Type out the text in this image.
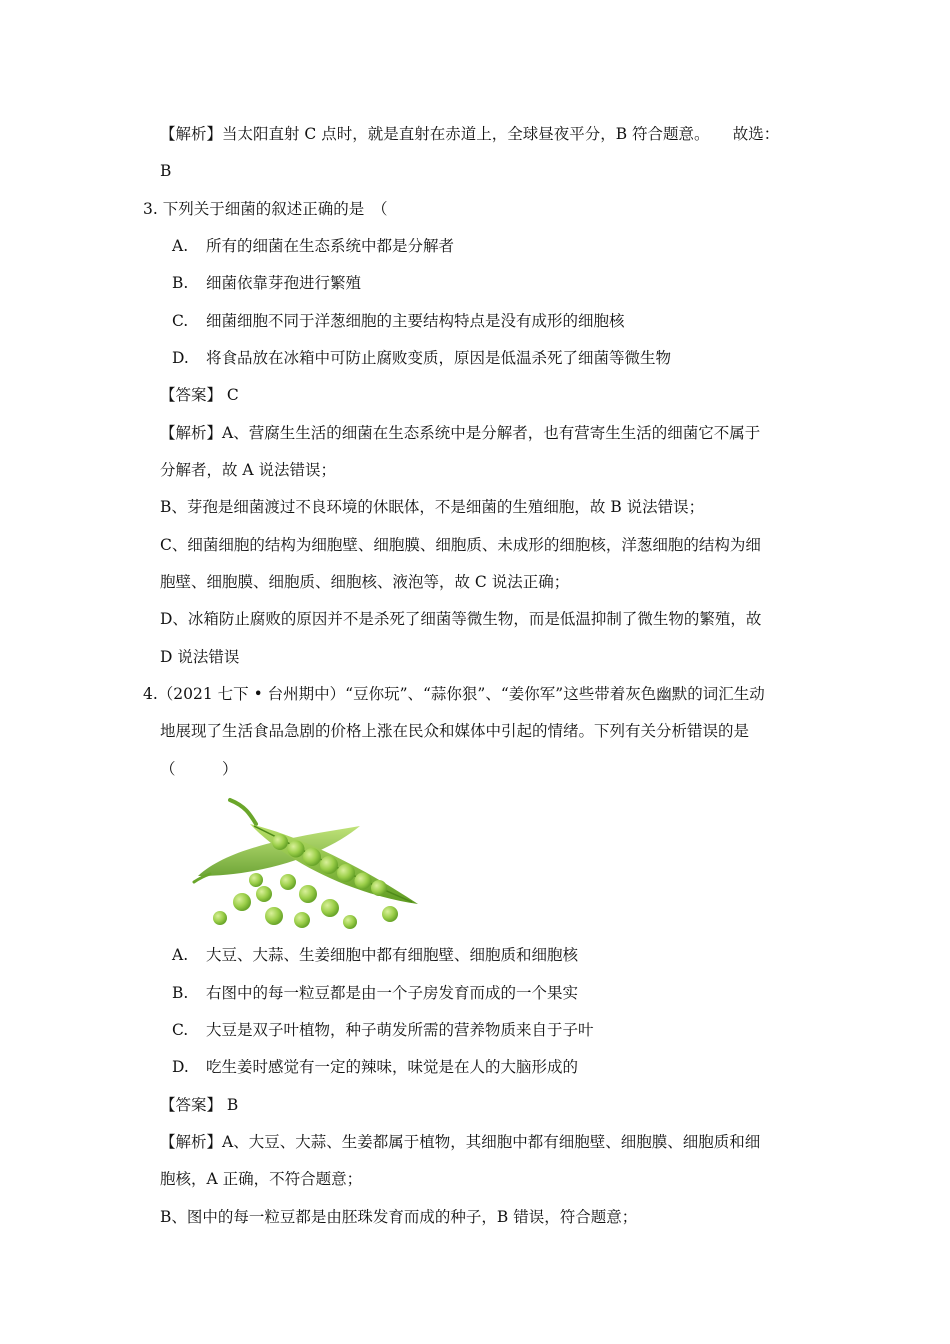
【解析】当太阳直射 C 点时，就是直射在赤道上，全球昼夜平分，B 符合题意。　　故选：
B
3. 下列关于细菌的叙述正确的是　（
A. 所有的细菌在生态系统中都是分解者
B. 细菌依靠芽孢进行繁殖
C. 细菌细胞不同于洋葱细胞的主要结构特点是没有成形的细胞核
D. 将食品放在冰箱中可防止腐败变质，原因是低温杀死了细菌等微生物
【答案】 C
【解析】A、营腐生生活的细菌在生态系统中是分解者，也有营寄生生活的细菌它不属于
分解者，故 A 说法错误；
B、芽孢是细菌渡过不良环境的休眠体，不是细菌的生殖细胞，故 B 说法错误；
C、细菌细胞的结构为细胞壁、细胞膜、细胞质、未成形的细胞核，洋葱细胞的结构为细
胞壁、细胞膜、细胞质、细胞核、液泡等，故 C 说法正确；
D、冰箱防止腐败的原因并不是杀死了细菌等微生物，而是低温抑制了微生物的繁殖，故
D 说法错误
4.（2021 七下 • 台州期中）“豆你玩”、“蒜你狠”、“姜你军”这些带着灰色幽默的词汇生动
地展现了生活食品急剧的价格上涨在民众和媒体中引起的情绪。下列有关分析错误的是
（　　　）
A. 大豆、大蒜、生姜细胞中都有细胞壁、细胞质和细胞核
B. 右图中的每一粒豆都是由一个子房发育而成的一个果实
C. 大豆是双子叶植物，种子萌发所需的营养物质来自于子叶
D. 吃生姜时感觉有一定的辣味，味觉是在人的大脑形成的
【答案】 B
【解析】A、大豆、大蒜、生姜都属于植物，其细胞中都有细胞壁、细胞膜、细胞质和细
胞核，A 正确，不符合题意；
B、图中的每一粒豆都是由胚珠发育而成的种子，B 错误，符合题意；
